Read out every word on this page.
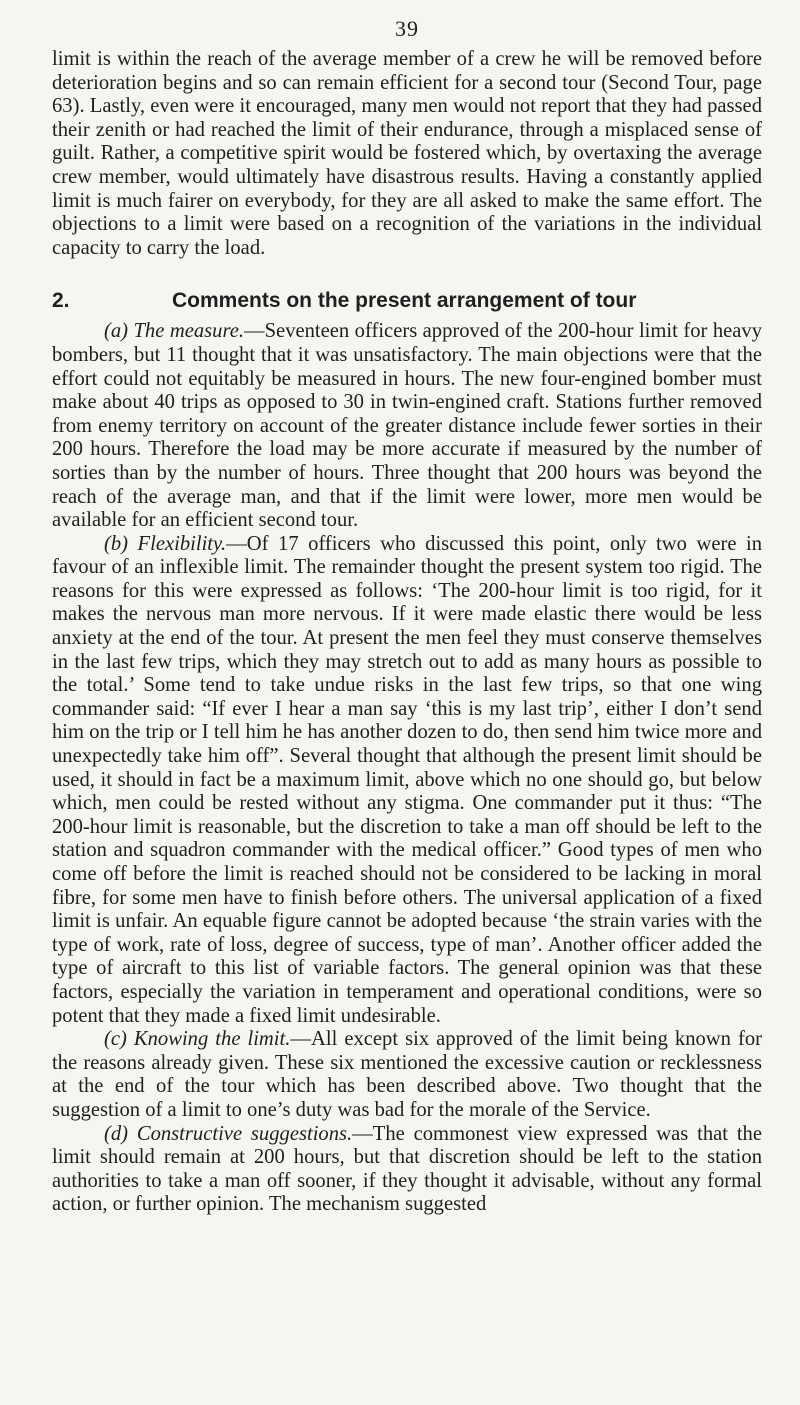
39

limit is within the reach of the average member of a crew he will be removed before deterioration begins and so can remain efficient for a second tour (Second Tour, page 63). Lastly, even were it encouraged, many men would not report that they had passed their zenith or had reached the limit of their endurance, through a misplaced sense of guilt. Rather, a competitive spirit would be fostered which, by overtaxing the average crew member, would ultimately have disastrous results. Having a constantly applied limit is much fairer on everybody, for they are all asked to make the same effort. The objections to a limit were based on a recognition of the variations in the individual capacity to carry the load.

2.	Comments on the present arrangement of tour

(a) The measure.—Seventeen officers approved of the 200-hour limit for heavy bombers, but 11 thought that it was unsatisfactory. The main objections were that the effort could not equitably be measured in hours. The new four-engined bomber must make about 40 trips as opposed to 30 in twin-engined craft. Stations further removed from enemy territory on account of the greater distance include fewer sorties in their 200 hours. Therefore the load may be more accurate if measured by the number of sorties than by the number of hours. Three thought that 200 hours was beyond the reach of the average man, and that if the limit were lower, more men would be available for an efficient second tour.

(b) Flexibility.—Of 17 officers who discussed this point, only two were in favour of an inflexible limit. The remainder thought the present system too rigid. The reasons for this were expressed as follows: ‘The 200-hour limit is too rigid, for it makes the nervous man more nervous. If it were made elastic there would be less anxiety at the end of the tour. At present the men feel they must conserve themselves in the last few trips, which they may stretch out to add as many hours as possible to the total.’ Some tend to take undue risks in the last few trips, so that one wing commander said: “If ever I hear a man say ‘this is my last trip’, either I don’t send him on the trip or I tell him he has another dozen to do, then send him twice more and unexpectedly take him off”. Several thought that although the present limit should be used, it should in fact be a maximum limit, above which no one should go, but below which, men could be rested without any stigma. One commander put it thus: “The 200-hour limit is reasonable, but the discretion to take a man off should be left to the station and squadron commander with the medical officer.” Good types of men who come off before the limit is reached should not be considered to be lacking in moral fibre, for some men have to finish before others. The universal application of a fixed limit is unfair. An equable figure cannot be adopted because ‘the strain varies with the type of work, rate of loss, degree of success, type of man’. Another officer added the type of aircraft to this list of variable factors. The general opinion was that these factors, especially the variation in temperament and operational conditions, were so potent that they made a fixed limit undesirable.

(c) Knowing the limit.—All except six approved of the limit being known for the reasons already given. These six mentioned the excessive caution or recklessness at the end of the tour which has been described above. Two thought that the suggestion of a limit to one’s duty was bad for the morale of the Service.

(d) Constructive suggestions.—The commonest view expressed was that the limit should remain at 200 hours, but that discretion should be left to the station authorities to take a man off sooner, if they thought it advisable, without any formal action, or further opinion. The mechanism suggested
